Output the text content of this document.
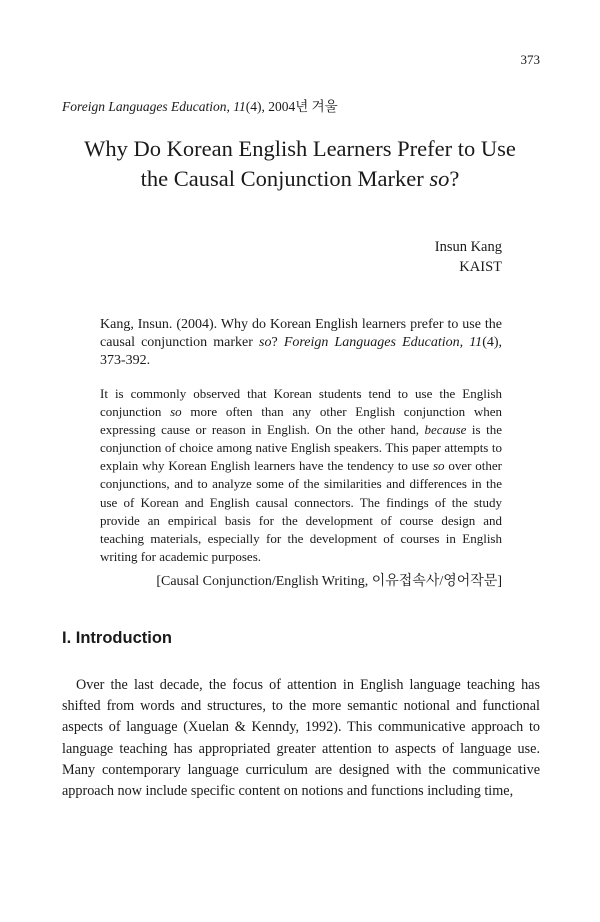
373
Foreign Languages Education, 11(4), 2004년 겨울
Why Do Korean English Learners Prefer to Use
the Causal Conjunction Marker so?
Insun Kang
KAIST

Kang, Insun. (2004). Why do Korean English learners prefer to use the causal conjunction marker so? Foreign Languages Education, 11(4), 373-392.

It is commonly observed that Korean students tend to use the English conjunction so more often than any other English conjunction when expressing cause or reason in English. On the other hand, because is the conjunction of choice among native English speakers. This paper attempts to explain why Korean English learners have the tendency to use so over other conjunctions, and to analyze some of the similarities and differences in the use of Korean and English causal connectors. The findings of the study provide an empirical basis for the development of course design and teaching materials, especially for the development of courses in English writing for academic purposes.

[Causal Conjunction/English Writing, 이유접속사/영어작문]
I. Introduction

Over the last decade, the focus of attention in English language teaching has shifted from words and structures, to the more semantic notional and functional aspects of language (Xuelan & Kenndy, 1992). This communicative approach to language teaching has appropriated greater attention to aspects of language use. Many contemporary language curriculum are designed with the communicative approach now include specific content on notions and functions including time,
